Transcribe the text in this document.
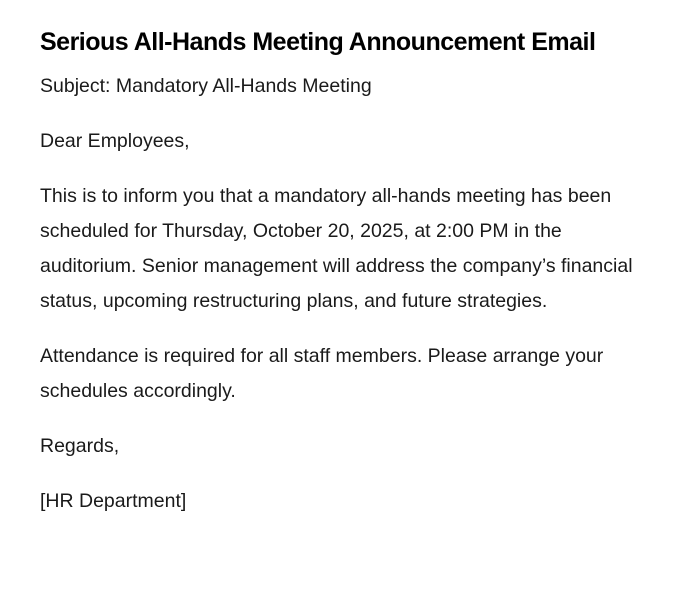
Serious All-Hands Meeting Announcement Email

Subject: Mandatory All-Hands Meeting

Dear Employees,

This is to inform you that a mandatory all-hands meeting has been scheduled for Thursday, October 20, 2025, at 2:00 PM in the auditorium. Senior management will address the company’s financial status, upcoming restructuring plans, and future strategies.

Attendance is required for all staff members. Please arrange your schedules accordingly.

Regards,

[HR Department]
